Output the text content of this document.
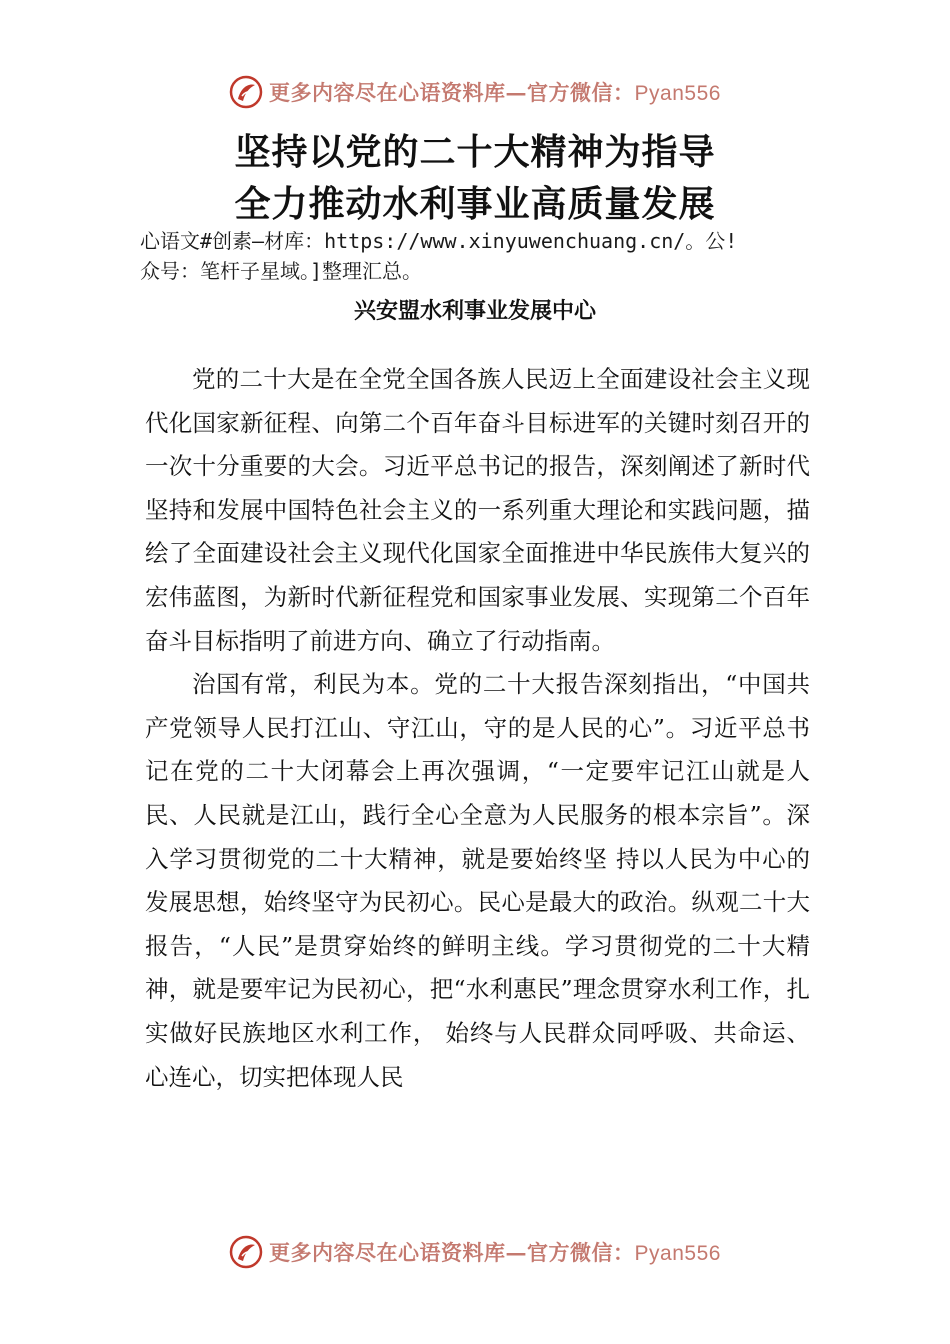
更多内容尽在心语资料库—官方微信：Pyan556
坚持以党的二十大精神为指导
全力推动水利事业高质量发展
心语文#创素—材库：https://www.xinyuwenchuang.cn/。公!
众号：笔杆子星域。]整理汇总。
兴安盟水利事业发展中心

党的二十大是在全党全国各族人民迈上全面建设社会主义现代化国家新征程、向第二个百年奋斗目标进军的关键时刻召开的一次十分重要的大会。习近平总书记的报告，深刻阐述了新时代坚持和发展中国特色社会主义的一系列重大理论和实践问题，描绘了全面建设社会主义现代化国家全面推进中华民族伟大复兴的宏伟蓝图，为新时代新征程党和国家事业发展、实现第二个百年奋斗目标指明了前进方向、确立了行动指南。

治国有常，利民为本。党的二十大报告深刻指出，“中国共产党领导人民打江山、守江山，守的是人民的心”。习近平总书记在党的二十大闭幕会上再次强调，“一定要牢记江山就是人民、人民就是江山，践行全心全意为人民服务的根本宗旨”。深入学习贯彻党的二十大精神，就是要始终坚 持以人民为中心的发展思想，始终坚守为民初心。民心是最大的政治。纵观二十大报告，“人民”是贯穿始终的鲜明主线。学习贯彻党的二十大精神，就是要牢记为民初心，把“水利惠民”理念贯穿水利工作，扎实做好民族地区水利工作， 始终与人民群众同呼吸、共命运、心连心，切实把体现人民

更多内容尽在心语资料库—官方微信：Pyan556
